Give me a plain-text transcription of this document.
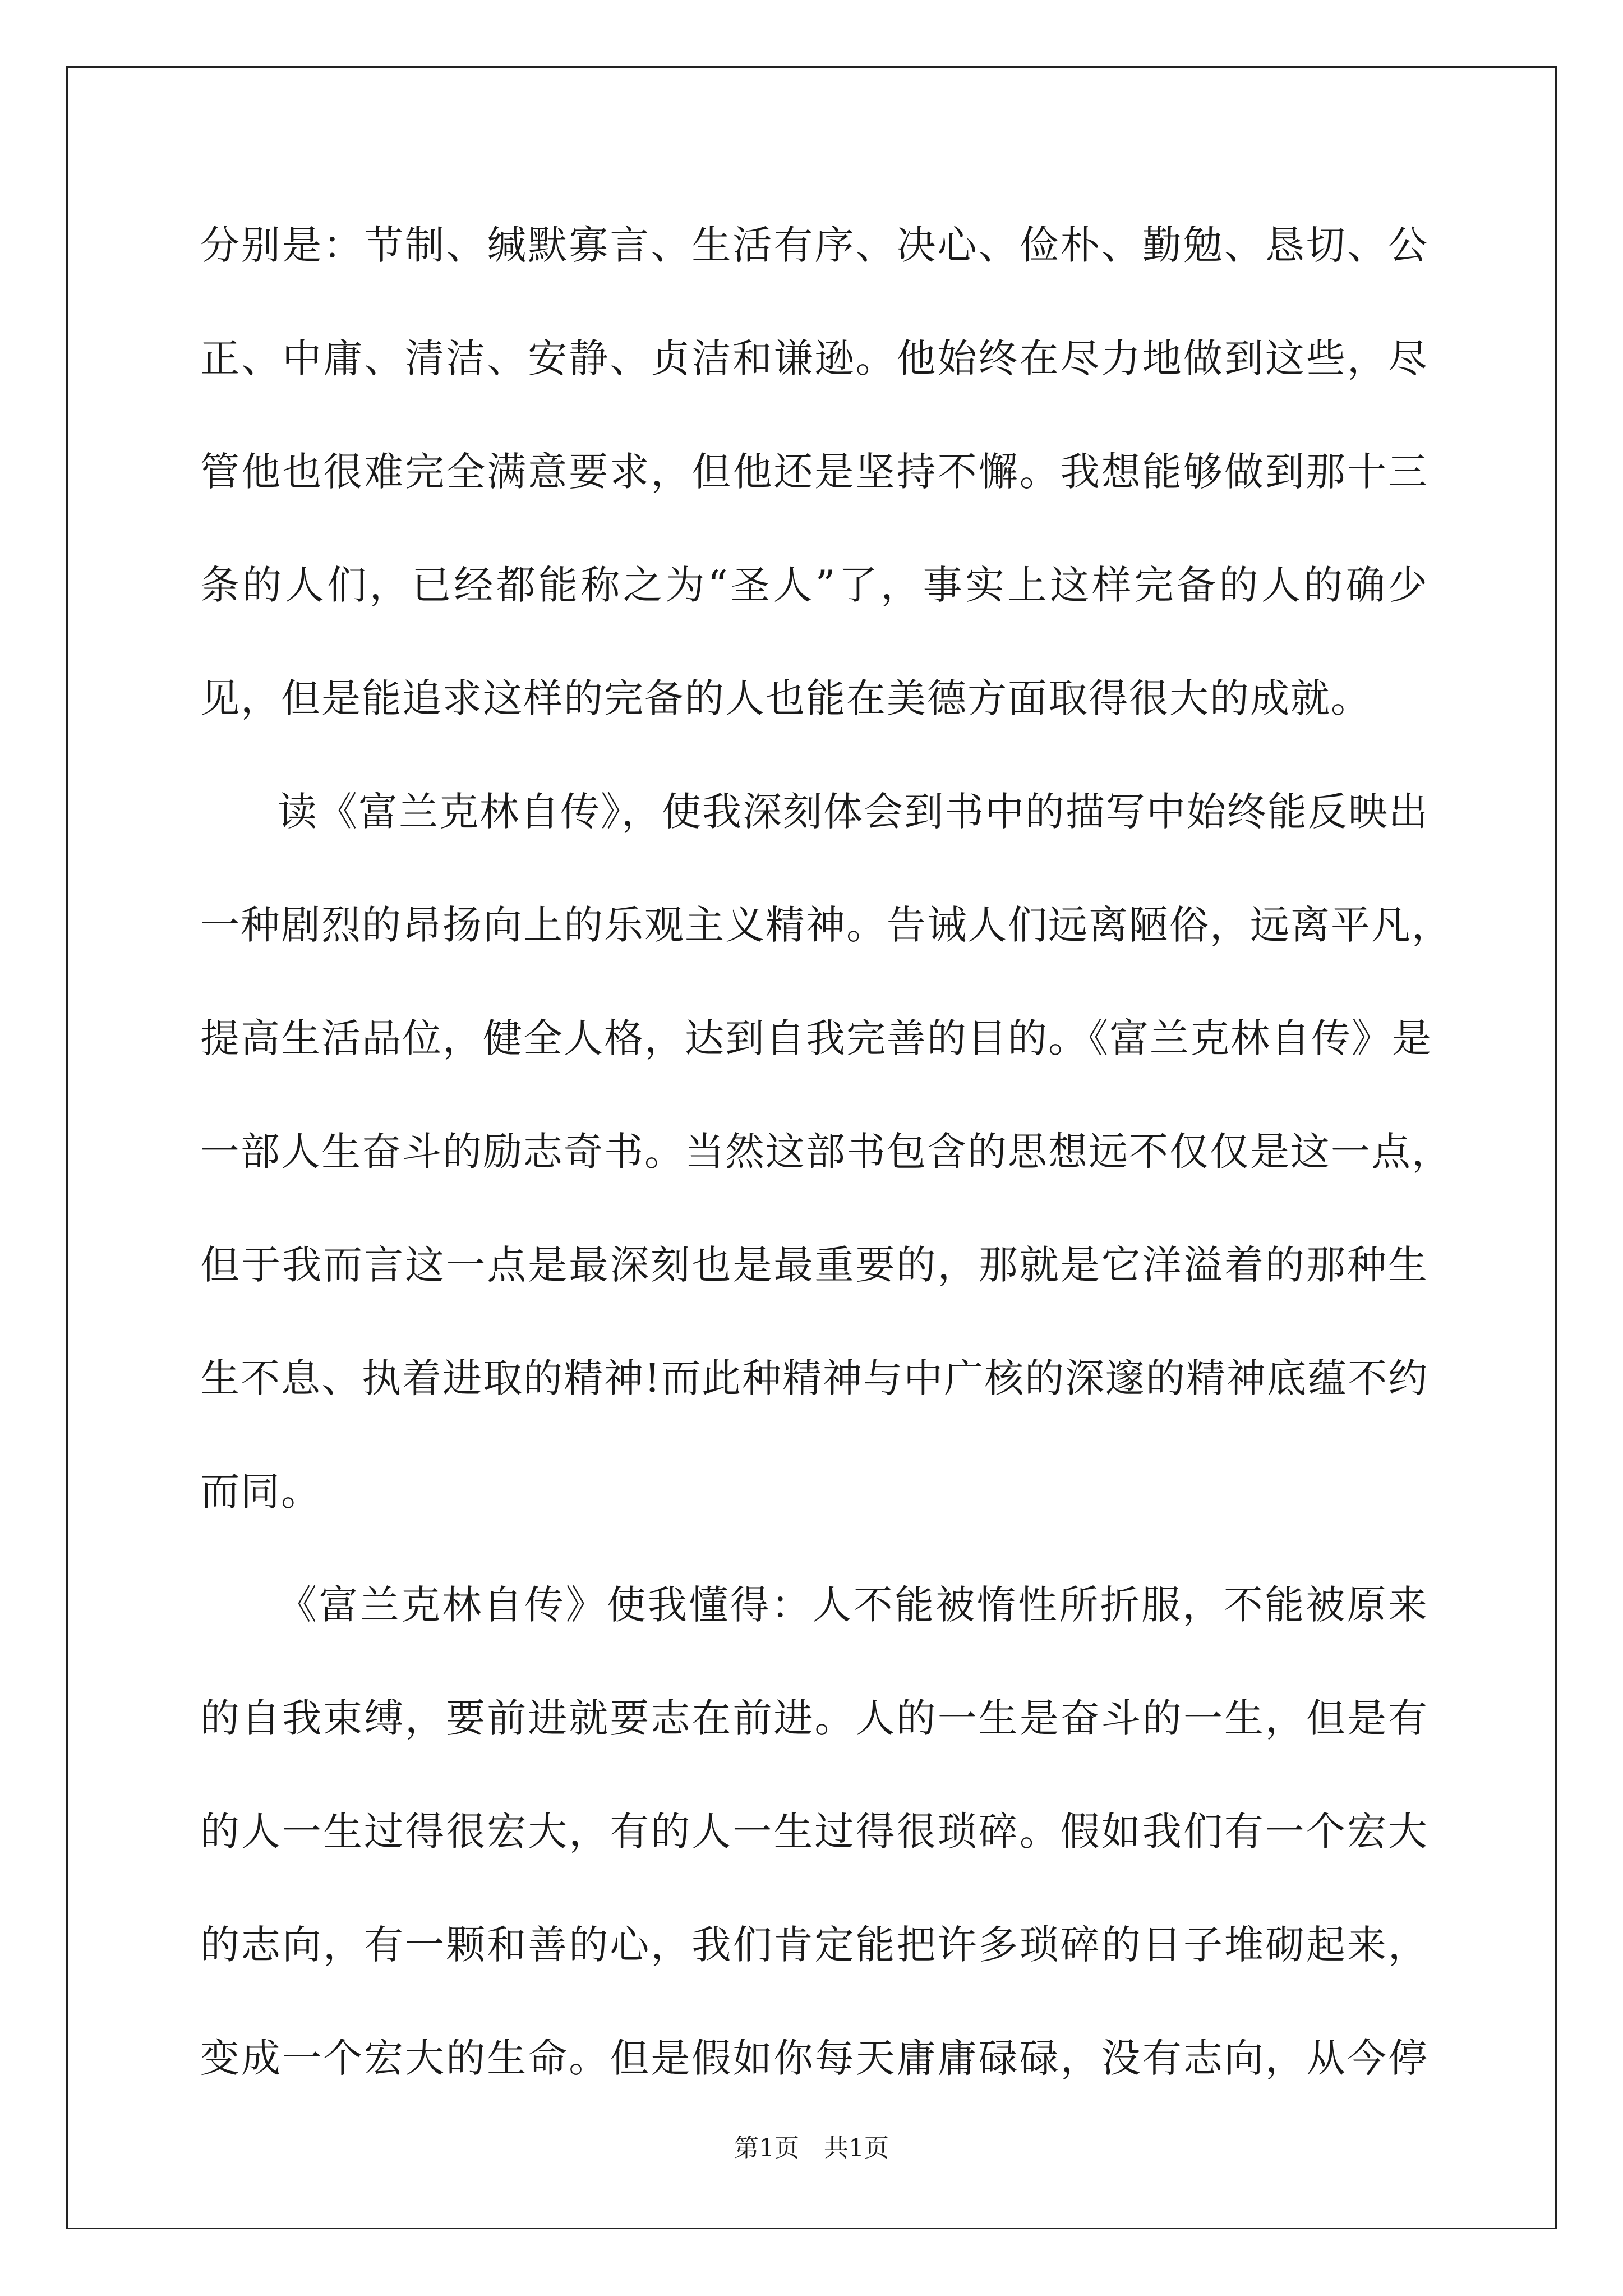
分别是：节制、缄默寡言、生活有序、决心、俭朴、勤勉、恳切、公
正、中庸、清洁、安静、贞洁和谦逊。他始终在尽力地做到这些，尽
管他也很难完全满意要求，但他还是坚持不懈。我想能够做到那十三
条的人们，已经都能称之为“圣人”了，事实上这样完备的人的确少
见，但是能追求这样的完备的人也能在美德方面取得很大的成就。
读《富兰克林自传》，使我深刻体会到书中的描写中始终能反映出
一种剧烈的昂扬向上的乐观主义精神。告诫人们远离陋俗，远离平凡，
提高生活品位，健全人格，达到自我完善的目的。《富兰克林自传》是
一部人生奋斗的励志奇书。当然这部书包含的思想远不仅仅是这一点，
但于我而言这一点是最深刻也是最重要的，那就是它洋溢着的那种生
生不息、执着进取的精神!而此种精神与中广核的深邃的精神底蕴不约
而同。
《富兰克林自传》使我懂得：人不能被惰性所折服，不能被原来
的自我束缚，要前进就要志在前进。人的一生是奋斗的一生，但是有
的人一生过得很宏大，有的人一生过得很琐碎。假如我们有一个宏大
的志向，有一颗和善的心，我们肯定能把许多琐碎的日子堆砌起来，
变成一个宏大的生命。但是假如你每天庸庸碌碌，没有志向，从今停
第1页　共1页
